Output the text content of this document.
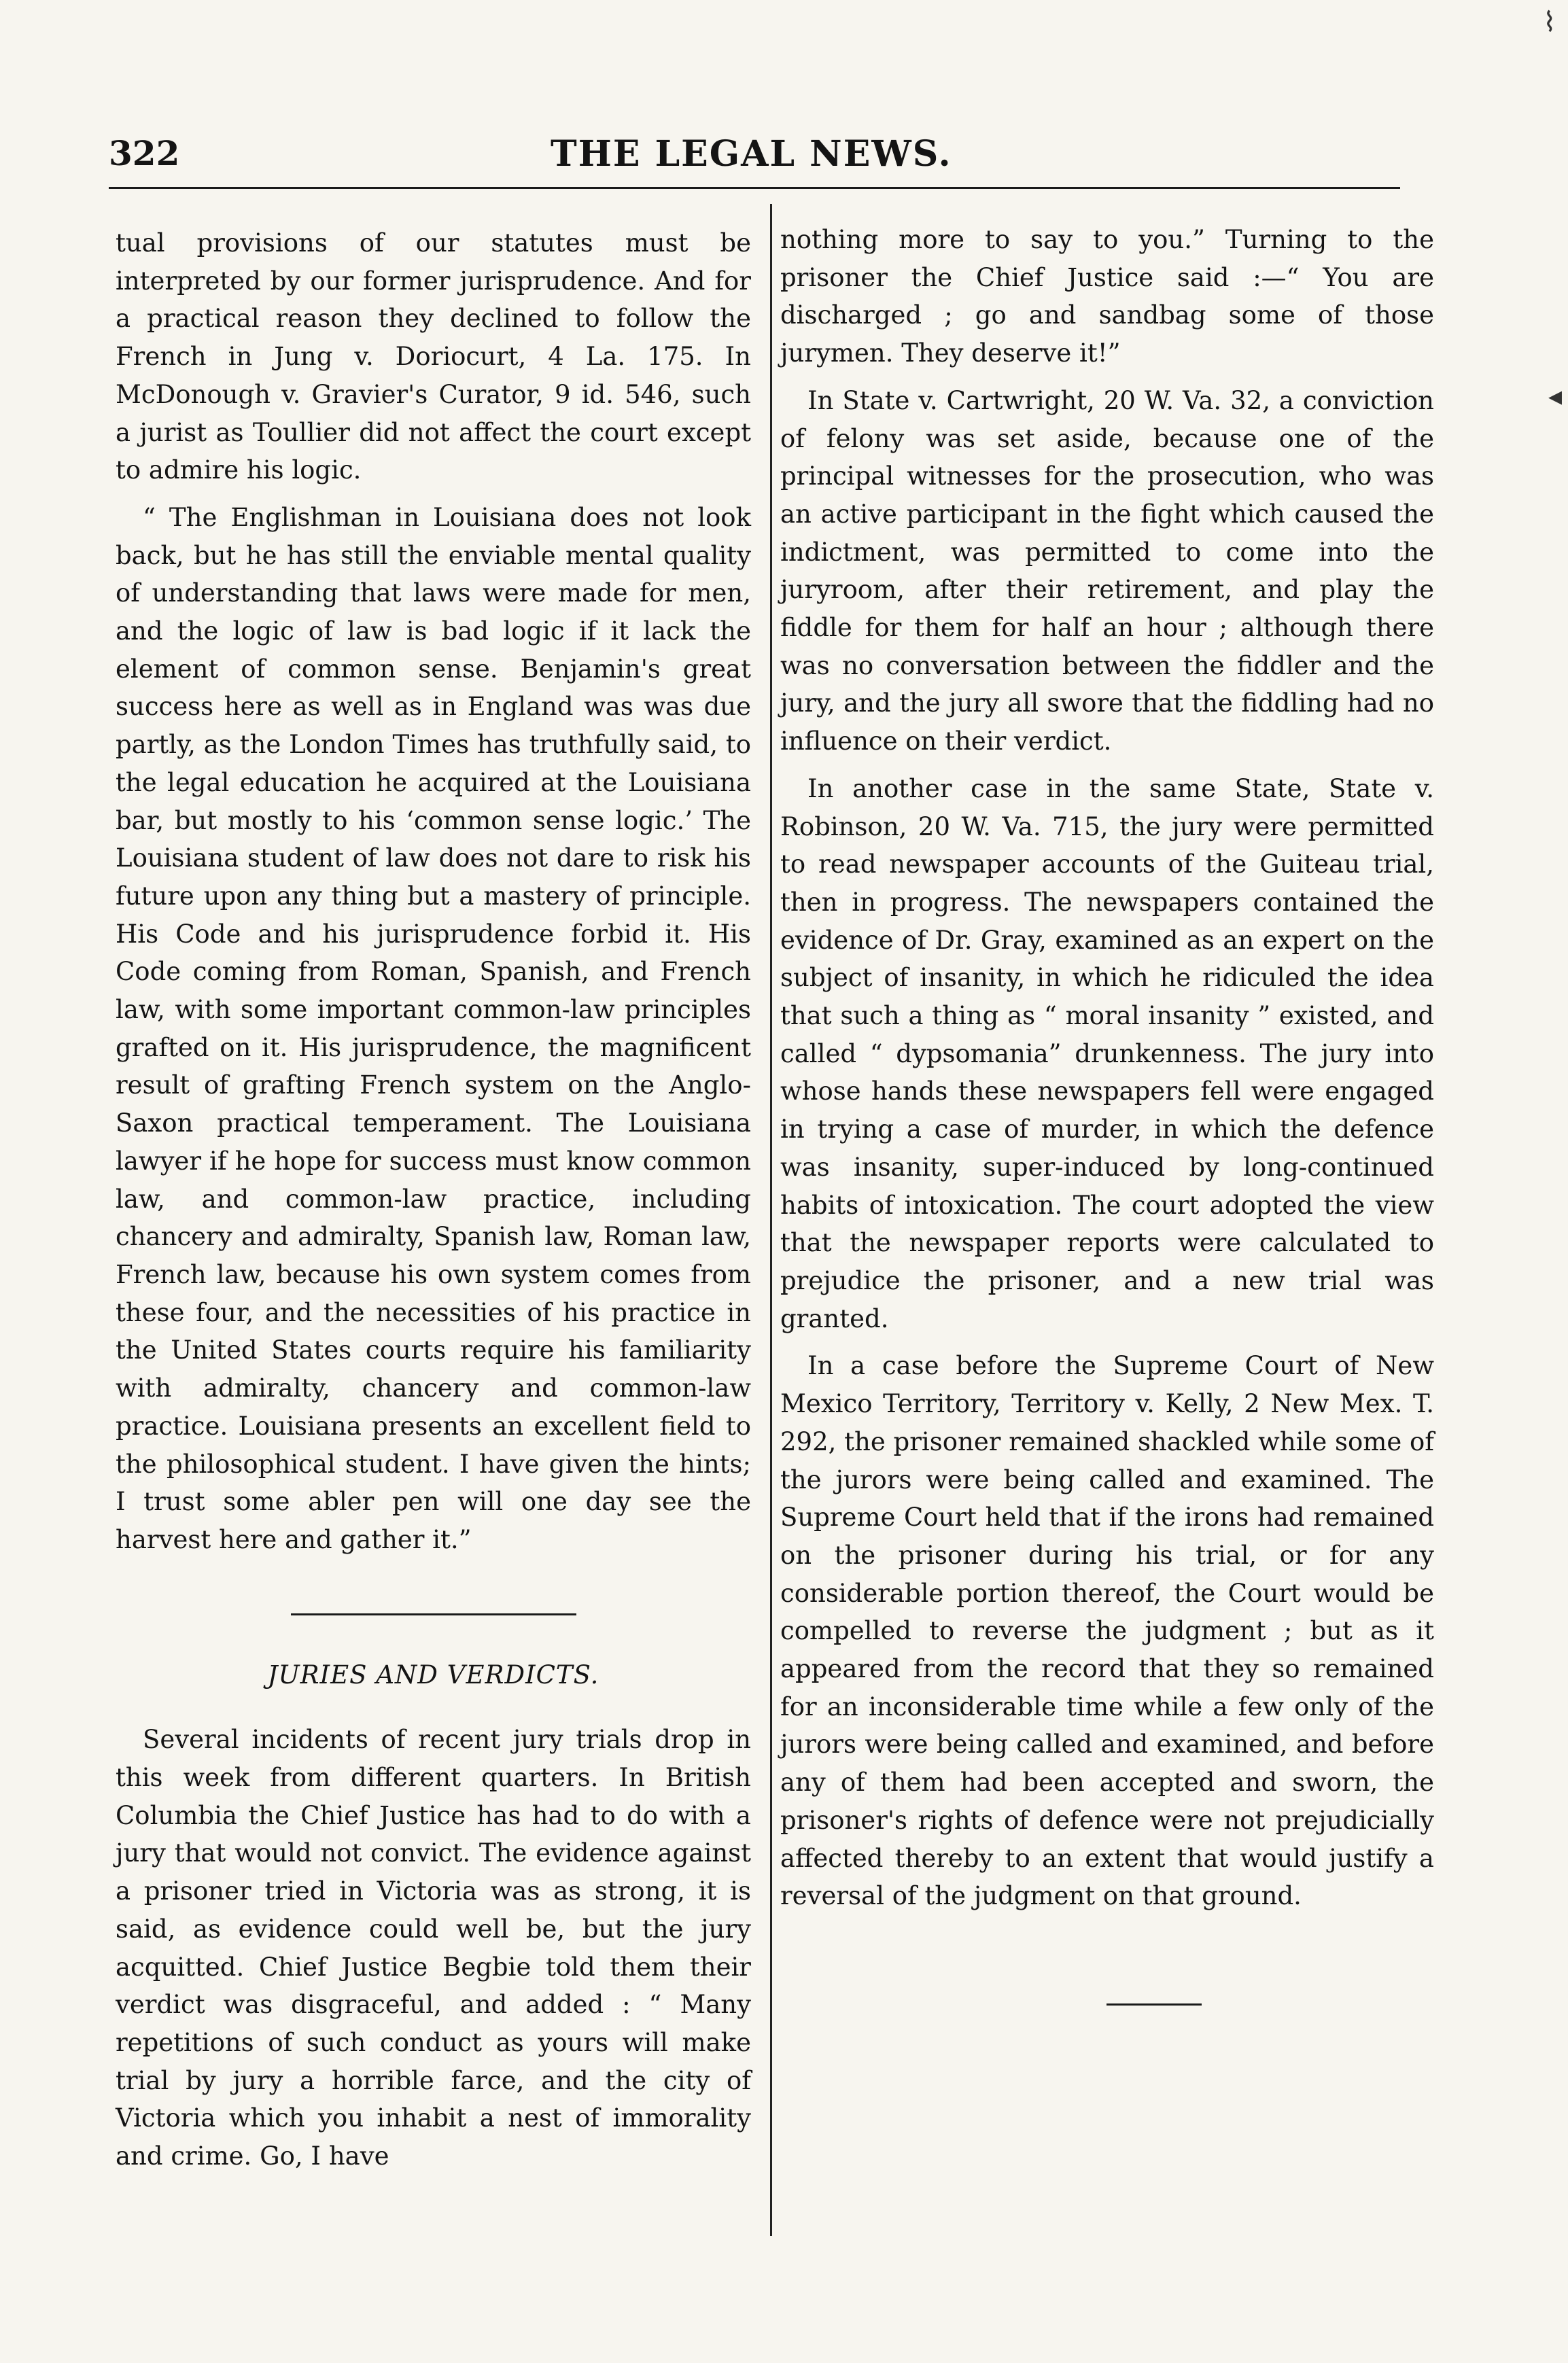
322	THE LEGAL NEWS.

tual provisions of our statutes must be interpreted by our former jurisprudence. And for a practical reason they declined to follow the French in Jung v. Doriocurt, 4 La. 175. In McDonough v. Gravier's Curator, 9 id. 546, such a jurist as Toullier did not affect the court except to admire his logic.

“ The Englishman in Louisiana does not look back, but he has still the enviable mental quality of understanding that laws were made for men, and the logic of law is bad logic if it lack the element of common sense. Benjamin's great success here as well as in England was was due partly, as the London Times has truthfully said, to the legal education he acquired at the Louisiana bar, but mostly to his ‘common sense logic.’ The Louisiana student of law does not dare to risk his future upon any thing but a mastery of principle. His Code and his jurisprudence forbid it. His Code coming from Roman, Spanish, and French law, with some important common-law principles grafted on it. His jurisprudence, the magnificent result of grafting French system on the Anglo-Saxon practical temperament. The Louisiana lawyer if he hope for success must know common law, and common-law practice, including chancery and admiralty, Spanish law, Roman law, French law, because his own system comes from these four, and the necessities of his practice in the United States courts require his familiarity with admiralty, chancery and common-law practice. Louisiana presents an excellent field to the philosophical student. I have given the hints; I trust some abler pen will one day see the harvest here and gather it.”

JURIES AND VERDICTS.

Several incidents of recent jury trials drop in this week from different quarters. In British Columbia the Chief Justice has had to do with a jury that would not convict. The evidence against a prisoner tried in Victoria was as strong, it is said, as evidence could well be, but the jury acquitted. Chief Justice Begbie told them their verdict was disgraceful, and added : “ Many repetitions of such conduct as yours will make trial by jury a horrible farce, and the city of Victoria which you inhabit a nest of immorality and crime. Go, I have

nothing more to say to you.” Turning to the prisoner the Chief Justice said :—“ You are discharged ; go and sandbag some of those jurymen. They deserve it!”

In State v. Cartwright, 20 W. Va. 32, a conviction of felony was set aside, because one of the principal witnesses for the prosecution, who was an active participant in the fight which caused the indictment, was permitted to come into the juryroom, after their retirement, and play the fiddle for them for half an hour ; although there was no conversation between the fiddler and the jury, and the jury all swore that the fiddling had no influence on their verdict.

In another case in the same State, State v. Robinson, 20 W. Va. 715, the jury were permitted to read newspaper accounts of the Guiteau trial, then in progress. The newspapers contained the evidence of Dr. Gray, examined as an expert on the subject of insanity, in which he ridiculed the idea that such a thing as “ moral insanity ” existed, and called “ dypsomania” drunkenness. The jury into whose hands these newspapers fell were engaged in trying a case of murder, in which the defence was insanity, super-induced by long-continued habits of intoxication. The court adopted the view that the newspaper reports were calculated to prejudice the prisoner, and a new trial was granted.

In a case before the Supreme Court of New Mexico Territory, Territory v. Kelly, 2 New Mex. T. 292, the prisoner remained shackled while some of the jurors were being called and examined. The Supreme Court held that if the irons had remained on the prisoner during his trial, or for any considerable portion thereof, the Court would be compelled to reverse the judgment ; but as it appeared from the record that they so remained for an inconsiderable time while a few only of the jurors were being called and examined, and before any of them had been accepted and sworn, the prisoner's rights of defence were not prejudicially affected thereby to an extent that would justify a reversal of the judgment on that ground.

⌇
◂
